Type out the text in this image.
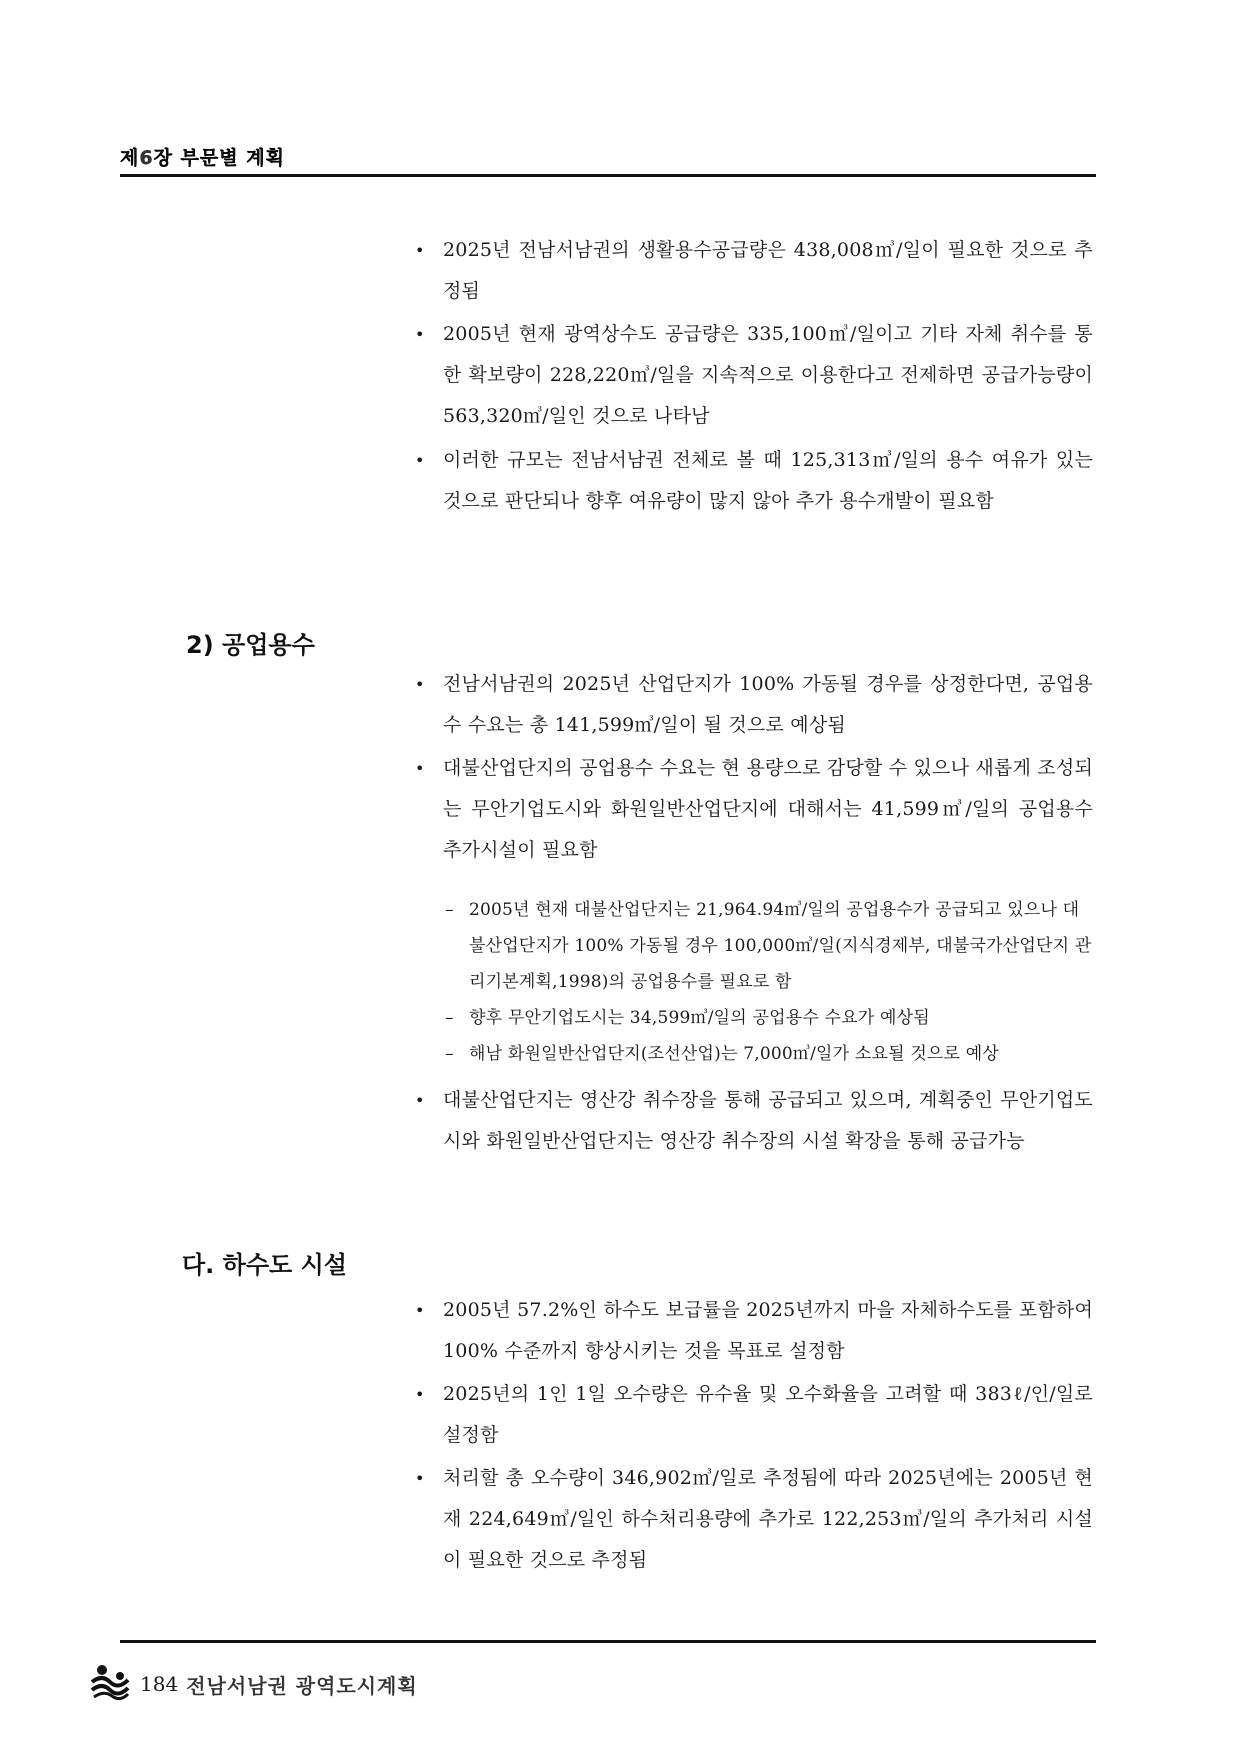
제6장 부문별 계획
• 2025년 전남서남권의 생활용수공급량은 438,008㎥/일이 필요한 것으로 추정됨
• 2005년 현재 광역상수도 공급량은 335,100㎥/일이고 기타 자체 취수를 통한 확보량이 228,220㎥/일을 지속적으로 이용한다고 전제하면 공급가능량이 563,320㎥/일인 것으로 나타남
• 이러한 규모는 전남서남권 전체로 볼 때 125,313㎥/일의 용수 여유가 있는 것으로 판단되나 향후 여유량이 많지 않아 추가 용수개발이 필요함
2) 공업용수
• 전남서남권의 2025년 산업단지가 100% 가동될 경우를 상정한다면, 공업용수 수요는 총 141,599㎥/일이 될 것으로 예상됨
• 대불산업단지의 공업용수 수요는 현 용량으로 감당할 수 있으나 새롭게 조성되는 무안기업도시와 화원일반산업단지에 대해서는 41,599㎥/일의 공업용수 추가시설이 필요함
– 2005년 현재 대불산업단지는 21,964.94㎥/일의 공업용수가 공급되고 있으나 대불산업단지가 100% 가동될 경우 100,000㎥/일(지식경제부, 대불국가산업단지 관리기본계획,1998)의 공업용수를 필요로 함
– 향후 무안기업도시는 34,599㎥/일의 공업용수 수요가 예상됨
– 해남 화원일반산업단지(조선산업)는 7,000㎥/일가 소요될 것으로 예상
• 대불산업단지는 영산강 취수장을 통해 공급되고 있으며, 계획중인 무안기업도시와 화원일반산업단지는 영산강 취수장의 시설 확장을 통해 공급가능
다. 하수도 시설
• 2005년 57.2%인 하수도 보급률을 2025년까지 마을 자체하수도를 포함하여 100% 수준까지 향상시키는 것을 목표로 설정함
• 2025년의 1인 1일 오수량은 유수율 및 오수화율을 고려할 때 383ℓ/인/일로 설정함
• 처리할 총 오수량이 346,902㎥/일로 추정됨에 따라 2025년에는 2005년 현재 224,649㎥/일인 하수처리용량에 추가로 122,253㎥/일의 추가처리 시설이 필요한 것으로 추정됨
184 전남서남권 광역도시계획
